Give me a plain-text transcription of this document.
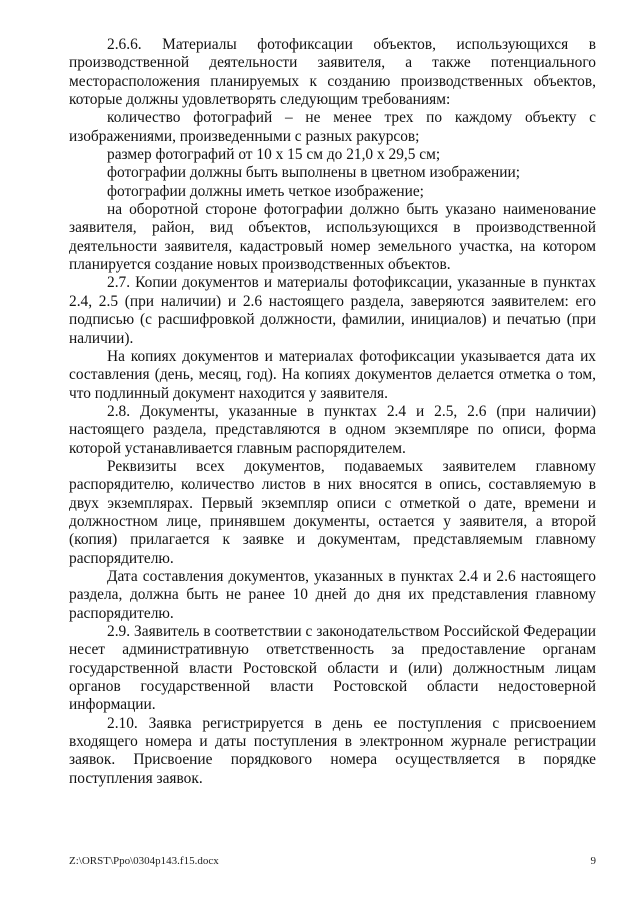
2.6.6. Материалы фотофиксации объектов, использующихся в производственной деятельности заявителя, а также потенциального месторасположения планируемых к созданию производственных объектов, которые должны удовлетворять следующим требованиям:

количество фотографий – не менее трех по каждому объекту с изображениями, произведенными с разных ракурсов;

размер фотографий от 10 х 15 см до 21,0 х 29,5 см;

фотографии должны быть выполнены в цветном изображении;

фотографии должны иметь четкое изображение;

на оборотной стороне фотографии должно быть указано наименование заявителя, район, вид объектов, использующихся в производственной деятельности заявителя, кадастровый номер земельного участка, на котором планируется создание новых производственных объектов.

2.7. Копии документов и материалы фотофиксации, указанные в пунктах 2.4, 2.5 (при наличии) и 2.6 настоящего раздела, заверяются заявителем: его подписью (с расшифровкой должности, фамилии, инициалов) и печатью (при наличии).

На копиях документов и материалах фотофиксации указывается дата их составления (день, месяц, год). На копиях документов делается отметка о том, что подлинный документ находится у заявителя.

2.8. Документы, указанные в пунктах 2.4 и 2.5, 2.6 (при наличии) настоящего раздела, представляются в одном экземпляре по описи, форма которой устанавливается главным распорядителем.

Реквизиты всех документов, подаваемых заявителем главному распорядителю, количество листов в них вносятся в опись, составляемую в двух экземплярах. Первый экземпляр описи с отметкой о дате, времени и должностном лице, принявшем документы, остается у заявителя, а второй (копия) прилагается к заявке и документам, представляемым главному распорядителю.

Дата составления документов, указанных в пунктах 2.4 и 2.6 настоящего раздела, должна быть не ранее 10 дней до дня их представления главному распорядителю.

2.9. Заявитель в соответствии с законодательством Российской Федерации несет административную ответственность за предоставление органам государственной власти Ростовской области и (или) должностным лицам органов государственной власти Ростовской области недостоверной информации.

2.10. Заявка регистрируется в день ее поступления с присвоением входящего номера и даты поступления в электронном журнале регистрации заявок. Присвоение порядкового номера осуществляется в порядке поступления заявок.

Z:\ORST\Ppo\0304p143.f15.docx	9
